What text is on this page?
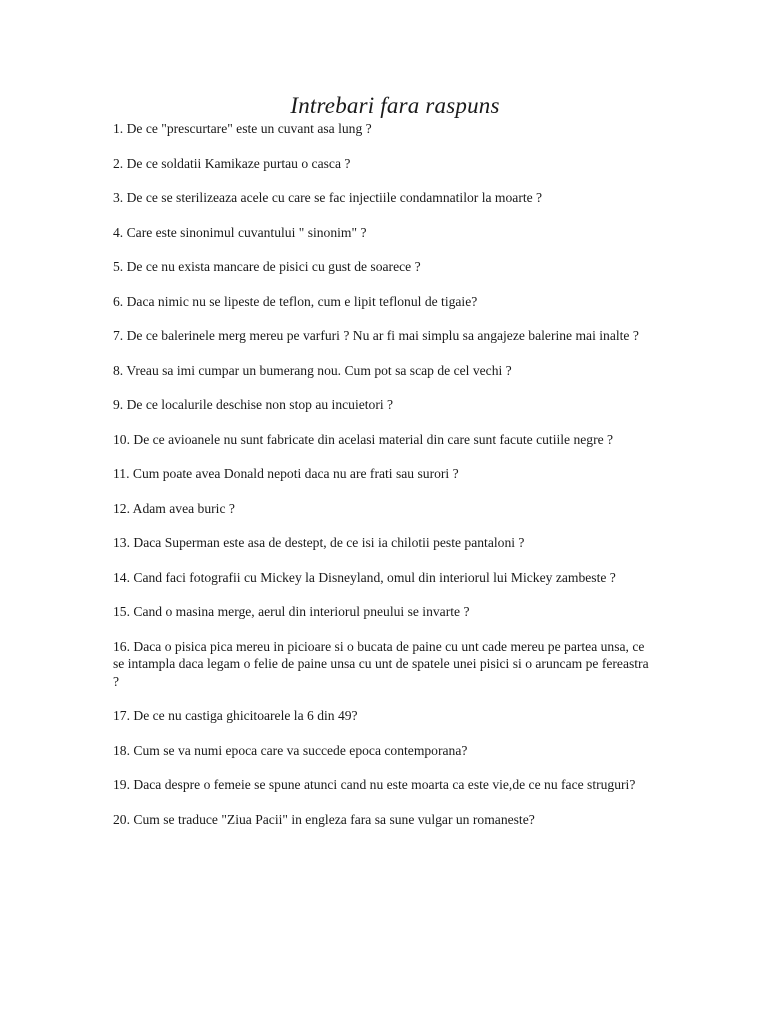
Intrebari fara raspuns
1. De ce "prescurtare" este un cuvant asa lung ?
2. De ce soldatii Kamikaze purtau o casca ?
3. De ce se sterilizeaza acele cu care se fac injectiile condamnatilor la moarte ?
4. Care este sinonimul cuvantului " sinonim" ?
5. De ce nu exista mancare de pisici cu gust de soarece ?
6. Daca nimic nu se lipeste de teflon, cum e lipit teflonul de tigaie?
7. De ce balerinele merg mereu pe varfuri ? Nu ar fi mai simplu sa angajeze balerine mai inalte ?
8. Vreau sa imi cumpar un bumerang nou. Cum pot sa scap de cel vechi ?
9. De ce localurile deschise non stop au incuietori ?
10. De ce avioanele nu sunt fabricate din acelasi material din care sunt facute cutiile negre ?
11. Cum poate avea Donald nepoti daca nu are frati sau surori ?
12. Adam avea buric ?
13. Daca Superman este asa de destept, de ce isi ia chilotii peste pantaloni ?
14. Cand faci fotografii cu Mickey la Disneyland, omul din interiorul lui Mickey zambeste ?
15. Cand o masina merge, aerul din interiorul pneului se invarte ?
16. Daca o pisica pica mereu in picioare si o bucata de paine cu unt cade mereu pe partea unsa, ce se intampla daca legam o felie de paine unsa cu unt de spatele unei pisici si o aruncam pe fereastra ?
17. De ce nu castiga ghicitoarele la 6 din 49?
18. Cum se va numi epoca care va succede epoca contemporana?
19. Daca despre o femeie se spune atunci cand nu este moarta ca este vie,de ce nu face struguri?
20. Cum se traduce "Ziua Pacii" in engleza fara sa sune vulgar un romaneste?
